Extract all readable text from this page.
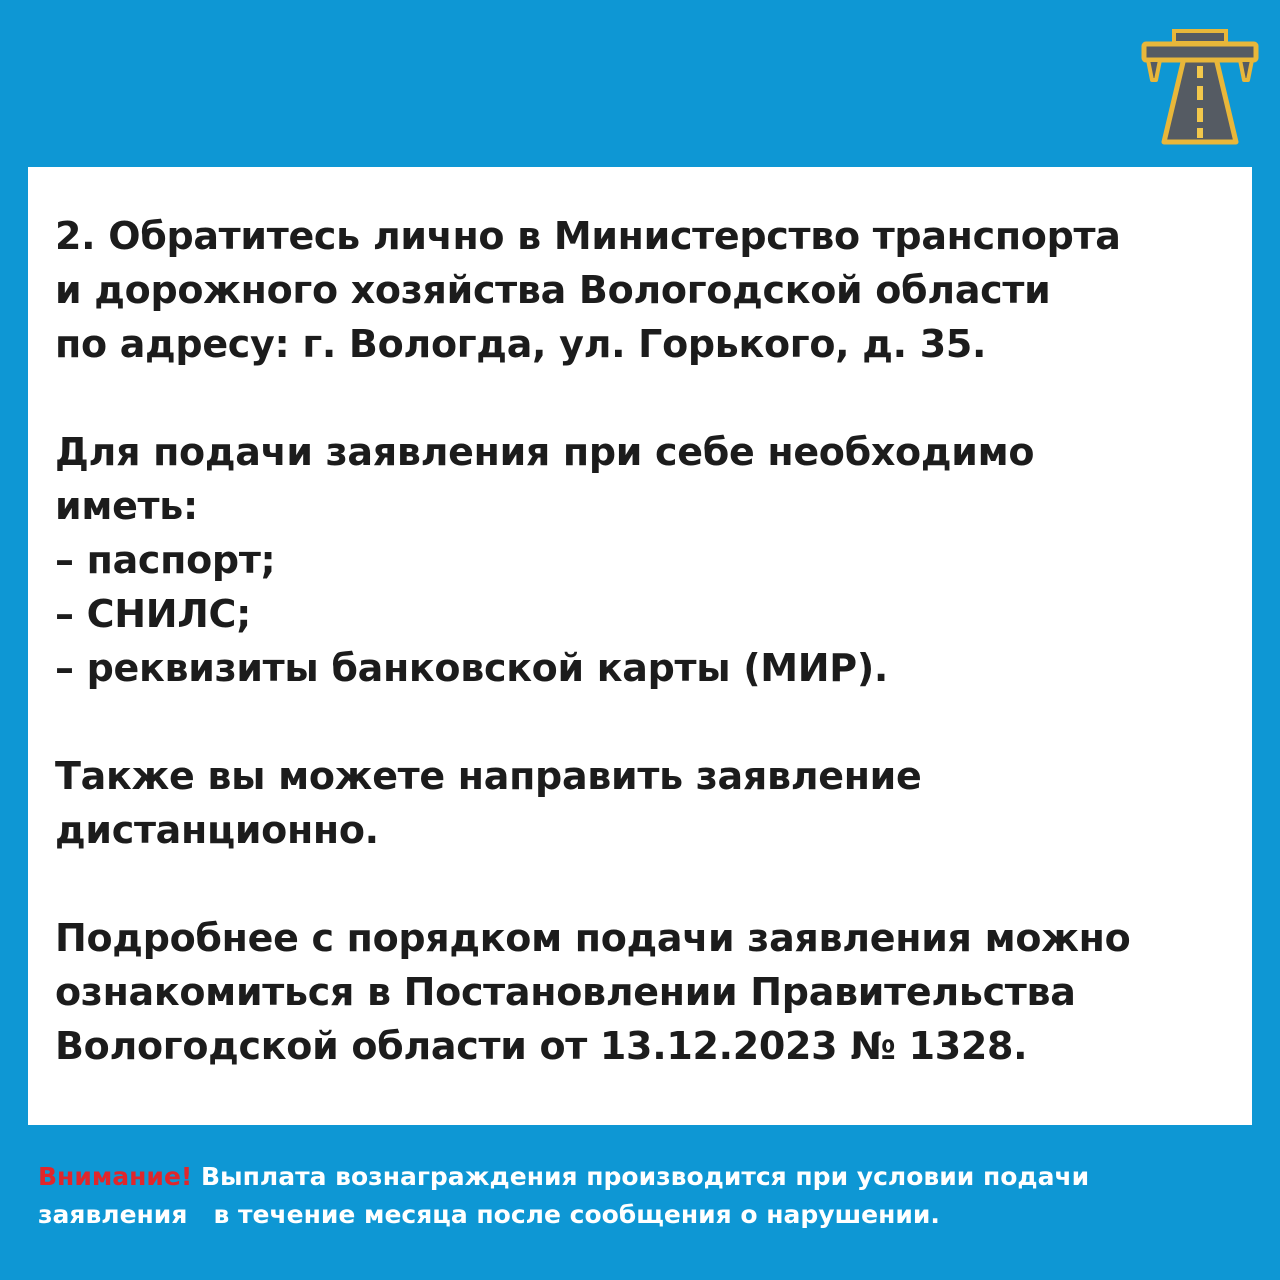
2. Обратитесь лично в Министерство транспорта
и дорожного хозяйства Вологодской области
по адресу: г. Вологда, ул. Горького, д. 35.

Для подачи заявления при себе необходимо
иметь:
– паспорт;
– СНИЛС;
– реквизиты банковской карты (МИР).

Также вы можете направить заявление
дистанционно.

Подробнее с порядком подачи заявления можно
ознакомиться в Постановлении Правительства
Вологодской области от 13.12.2023 № 1328.

Внимание! Выплата вознаграждения производится при условии подачи
заявления   в течение месяца после сообщения о нарушении.
